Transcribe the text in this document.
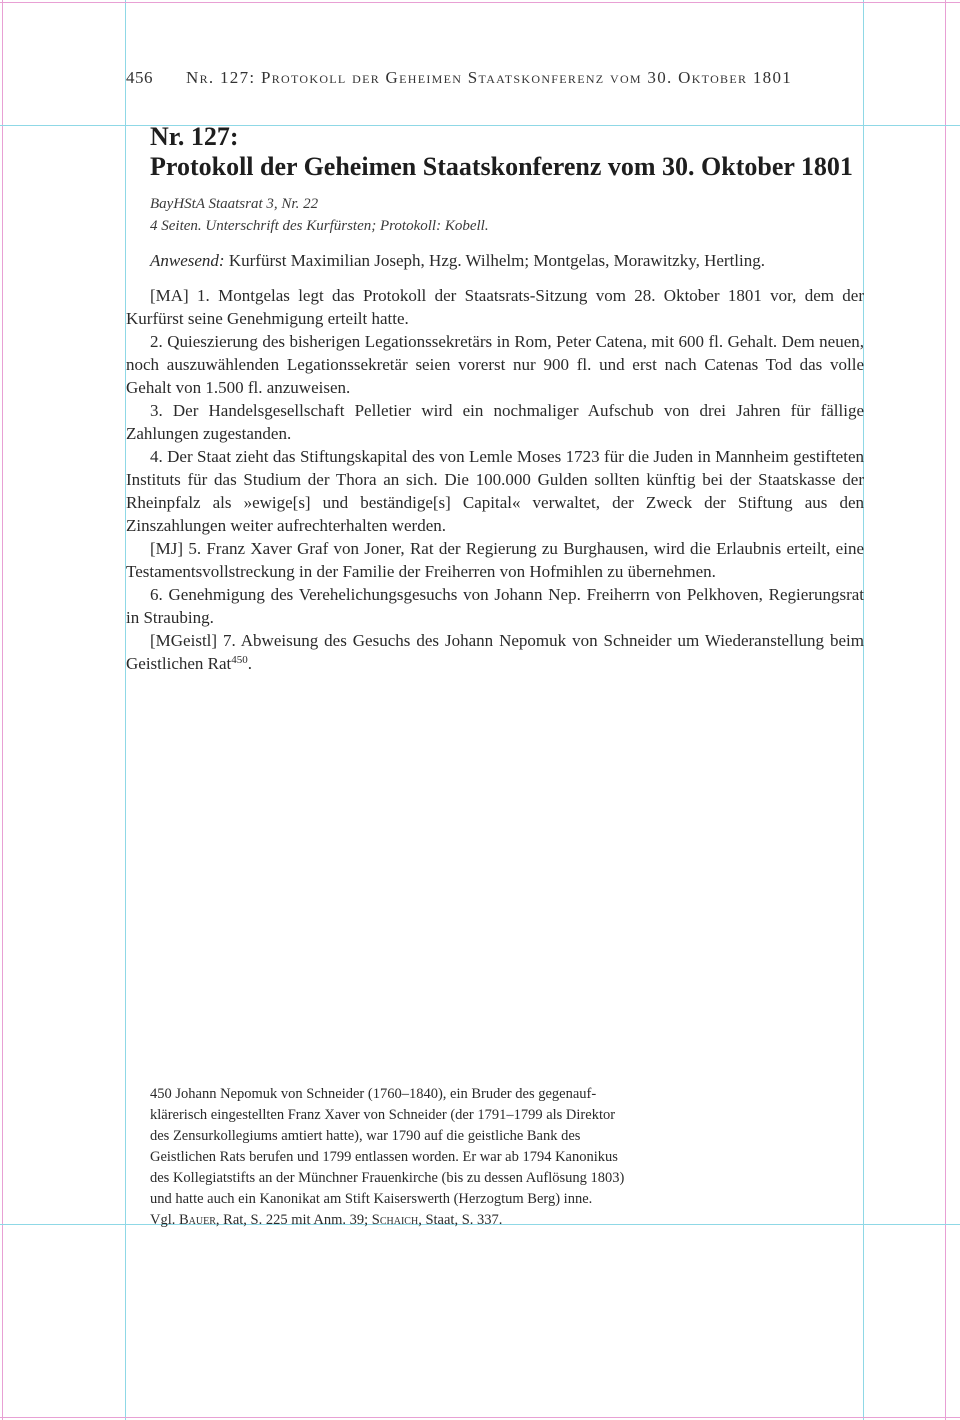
456 Nr. 127: Protokoll der Geheimen Staatskonferenz vom 30. Oktober 1801
Nr. 127:
Protokoll der Geheimen Staatskonferenz vom 30. Oktober 1801
BayHStA Staatsrat 3, Nr. 22
4 Seiten. Unterschrift des Kurfürsten; Protokoll: Kobell.
Anwesend: Kurfürst Maximilian Joseph, Hzg. Wilhelm; Montgelas, Morawitzky, Hertling.

[MA] 1. Montgelas legt das Protokoll der Staatsrats-Sitzung vom 28. Oktober 1801 vor, dem der Kurfürst seine Genehmigung erteilt hatte.

2. Quieszierung des bisherigen Legationssekretärs in Rom, Peter Catena, mit 600 fl. Gehalt. Dem neuen, noch auszuwählenden Legationssekretär seien vorerst nur 900 fl. und erst nach Catenas Tod das volle Gehalt von 1.500 fl. anzuweisen.

3. Der Handelsgesellschaft Pelletier wird ein nochmaliger Aufschub von drei Jahren für fällige Zahlungen zugestanden.

4. Der Staat zieht das Stiftungskapital des von Lemle Moses 1723 für die Juden in Mannheim gestifteten Instituts für das Studium der Thora an sich. Die 100.000 Gulden sollten künftig bei der Staatskasse der Rheinpfalz als »ewige[s] und beständige[s] Capital« verwaltet, der Zweck der Stiftung aus den Zinszahlungen weiter aufrechterhalten werden.

[MJ] 5. Franz Xaver Graf von Joner, Rat der Regierung zu Burghausen, wird die Erlaubnis erteilt, eine Testamentsvollstreckung in der Familie der Freiherren von Hofmihlen zu übernehmen.

6. Genehmigung des Verehelichungsgesuchs von Johann Nep. Freiherrn von Pelkhoven, Regierungsrat in Straubing.

[MGeistl] 7. Abweisung des Gesuchs des Johann Nepomuk von Schneider um Wiederanstellung beim Geistlichen Rat$^{450}$.

450 Johann Nepomuk von Schneider (1760–1840), ein Bruder des gegenauf-
klärerisch eingestellten Franz Xaver von Schneider (der 1791–1799 als Direktor
des Zensurkollegiums amtiert hatte), war 1790 auf die geistliche Bank des
Geistlichen Rats berufen und 1799 entlassen worden. Er war ab 1794 Kanonikus
des Kollegiatstifts an der Münchner Frauenkirche (bis zu dessen Auflösung 1803)
und hatte auch ein Kanonikat am Stift Kaiserswerth (Herzogtum Berg) inne.
Vgl. Bauer, Rat, S. 225 mit Anm. 39; Schaich, Staat, S. 337.
